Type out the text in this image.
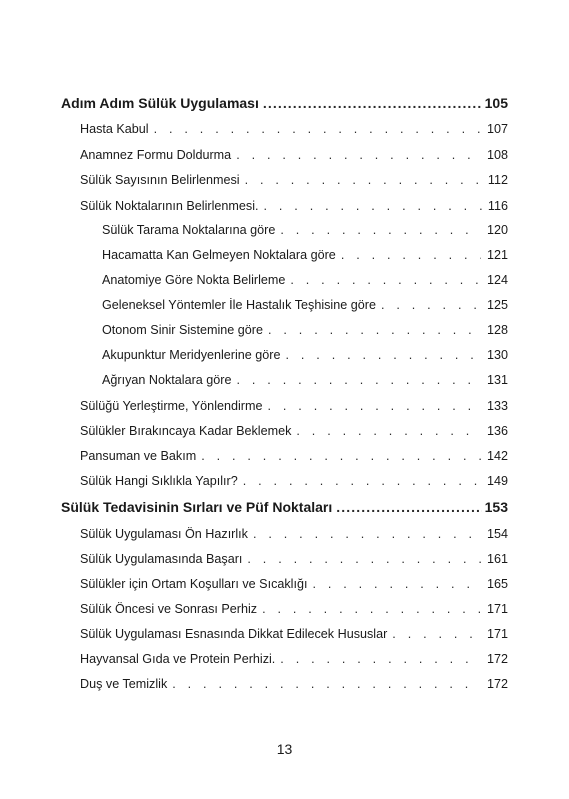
Adım Adım Sülük Uygulaması .....	105
Hasta Kabul . . .	107
Anamnez Formu Doldurma . . .	108
Sülük Sayısının Belirlenmesi . . .	112
Sülük Noktalarının Belirlenmesi. . . .	116
Sülük Tarama Noktalarına göre . . .	120
Hacamatta Kan Gelmeyen Noktalara göre . . .	121
Anatomiye Göre Nokta Belirleme . . .	124
Geleneksel Yöntemler İle Hastalık Teşhisine göre . . .	125
Otonom Sinir Sistemine göre . . .	128
Akupunktur Meridyenlerine göre . . .	130
Ağrıyan Noktalara göre . . .	131
Sülüğü Yerleştirme, Yönlendirme . . .	133
Sülükler Bırakıncaya Kadar Beklemek . . .	136
Pansuman ve Bakım . . .	142
Sülük Hangi Sıklıkla Yapılır? . . .	149
Sülük Tedavisinin Sırları ve Püf Noktaları .....	153
Sülük Uygulaması Ön Hazırlık . . .	154
Sülük Uygulamasında Başarı . . .	161
Sülükler için Ortam Koşulları ve Sıcaklığı . . .	165
Sülük Öncesi ve Sonrası Perhiz . . .	171
Sülük Uygulaması Esnasında Dikkat Edilecek Hususlar . . .	171
Hayvansal Gıda ve Protein Perhizi. . . .	172
Duş ve Temizlik . . .	172
13
